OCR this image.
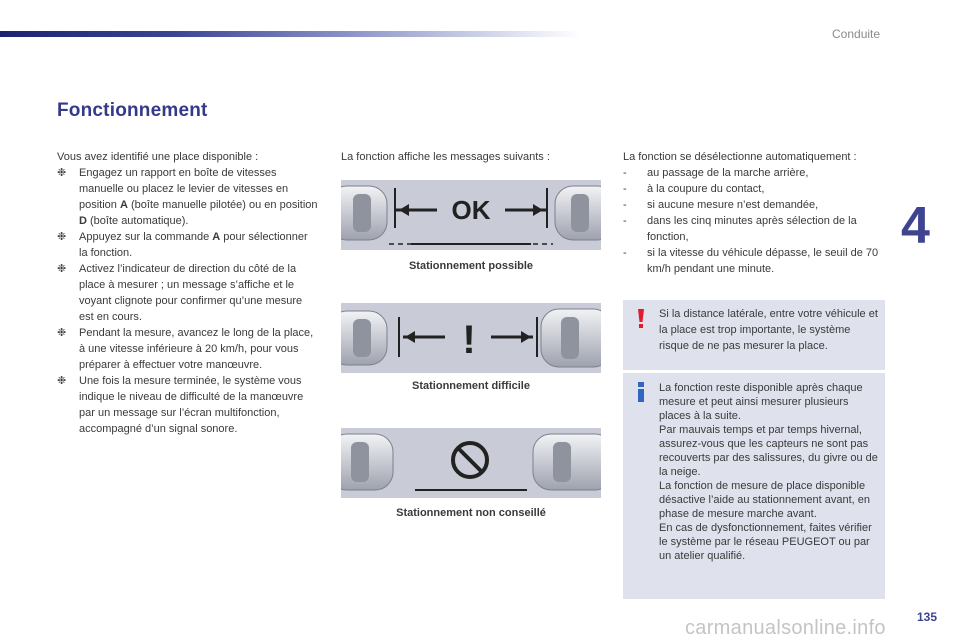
Conduite
4
Fonctionnement
Vous avez identifié une place disponible :
❉ Engagez un rapport en boîte de vitesses manuelle ou placez le levier de vitesses en position A (boîte manuelle pilotée) ou en position D (boîte automatique).
❉ Appuyez sur la commande A pour sélectionner la fonction.
❉ Activez l’indicateur de direction du côté de la place à mesurer ; un message s’affiche et le voyant clignote pour confirmer qu’une mesure est en cours.
❉ Pendant la mesure, avancez le long de la place, à une vitesse inférieure à 20 km/h, pour vous préparer à effectuer votre manœuvre.
❉ Une fois la mesure terminée, le système vous indique le niveau de difficulté de la manœuvre par un message sur l’écran multifonction, accompagné d’un signal sonore.
La fonction affiche les messages suivants :
OK
Stationnement possible
!
Stationnement difficile
Stationnement non conseillé
La fonction se désélectionne automatiquement :
- au passage de la marche arrière,
- à la coupure du contact,
- si aucune mesure n’est demandée,
- dans les cinq minutes après sélection de la fonction,
- si la vitesse du véhicule dépasse, le seuil de 70 km/h pendant une minute.
Si la distance latérale, entre votre véhicule et la place est trop importante, le système risque de ne pas mesurer la place.
La fonction reste disponible après chaque mesure et peut ainsi mesurer plusieurs places à la suite.
Par mauvais temps et par temps hivernal, assurez-vous que les capteurs ne sont pas recouverts par des salissures, du givre ou de la neige.
La fonction de mesure de place disponible désactive l’aide au stationnement avant, en phase de mesure marche avant.
En cas de dysfonctionnement, faites vérifier le système par le réseau PEUGEOT ou par un atelier qualifié.
135
carmanualsonline.info
